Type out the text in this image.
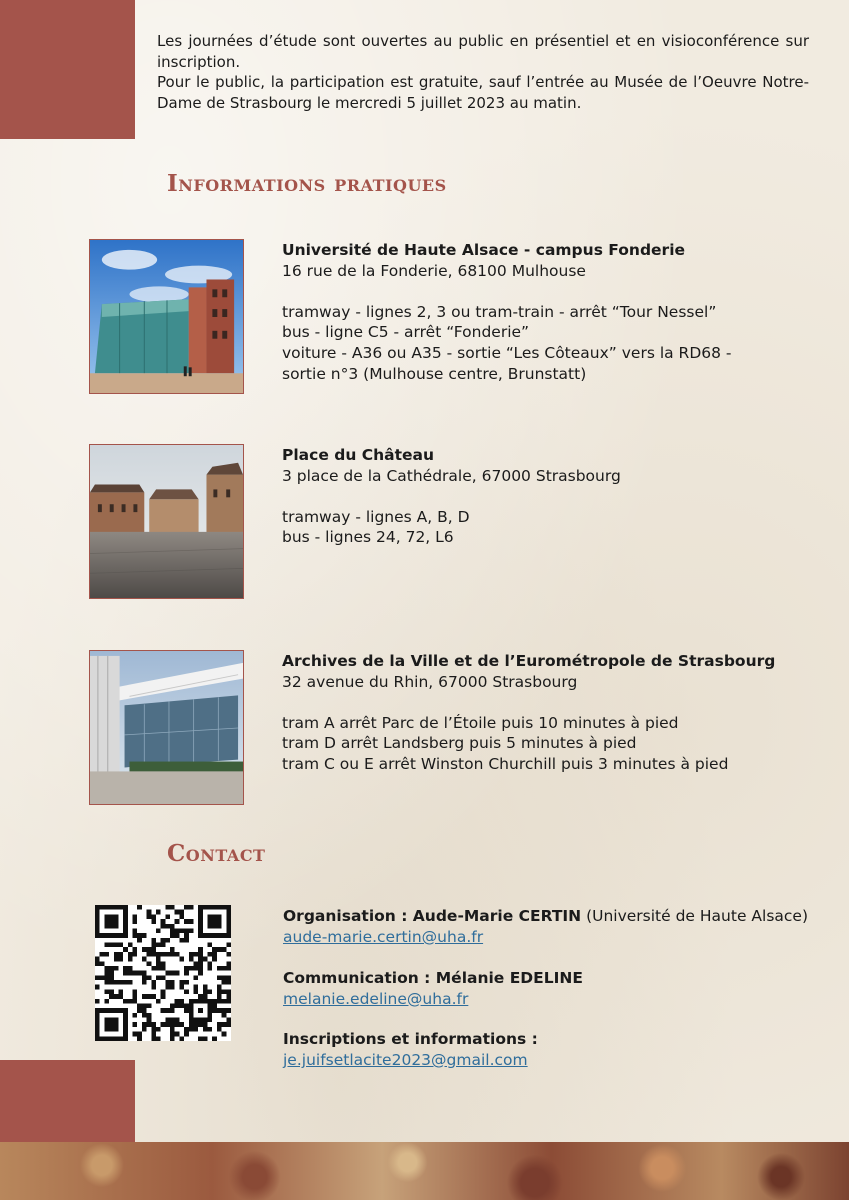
Les journées d’étude sont ouvertes au public en présentiel et en visioconférence sur inscription.

Pour le public, la participation est gratuite, sauf l’entrée au Musée de l’Oeuvre Notre-Dame de Strasbourg le mercredi 5 juillet 2023 au matin.

Informations pratiques
Université de Haute Alsace - campus Fonderie
16 rue de la Fonderie, 68100 Mulhouse
tramway - lignes 2, 3 ou tram-train - arrêt “Tour Nessel”
bus - ligne C5 - arrêt “Fonderie”
voiture - A36 ou A35 - sortie “Les Côteaux” vers la RD68 -
sortie n°3 (Mulhouse centre, Brunstatt)
Place du Château
3 place de la Cathédrale, 67000 Strasbourg
tramway - lignes A, B, D
bus - lignes 24, 72, L6
Archives de la Ville et de l’Eurométropole de Strasbourg
32 avenue du Rhin, 67000 Strasbourg
tram A arrêt Parc de l’Étoile puis 10 minutes à pied
tram D arrêt Landsberg puis 5 minutes à pied
tram C ou E arrêt Winston Churchill puis 3 minutes à pied
Contact
Organisation : Aude-Marie CERTIN (Université de Haute Alsace)
aude-marie.certin@uha.fr
Communication : Mélanie EDELINE
melanie.edeline@uha.fr
Inscriptions et informations :
je.juifsetlacite2023@gmail.com
